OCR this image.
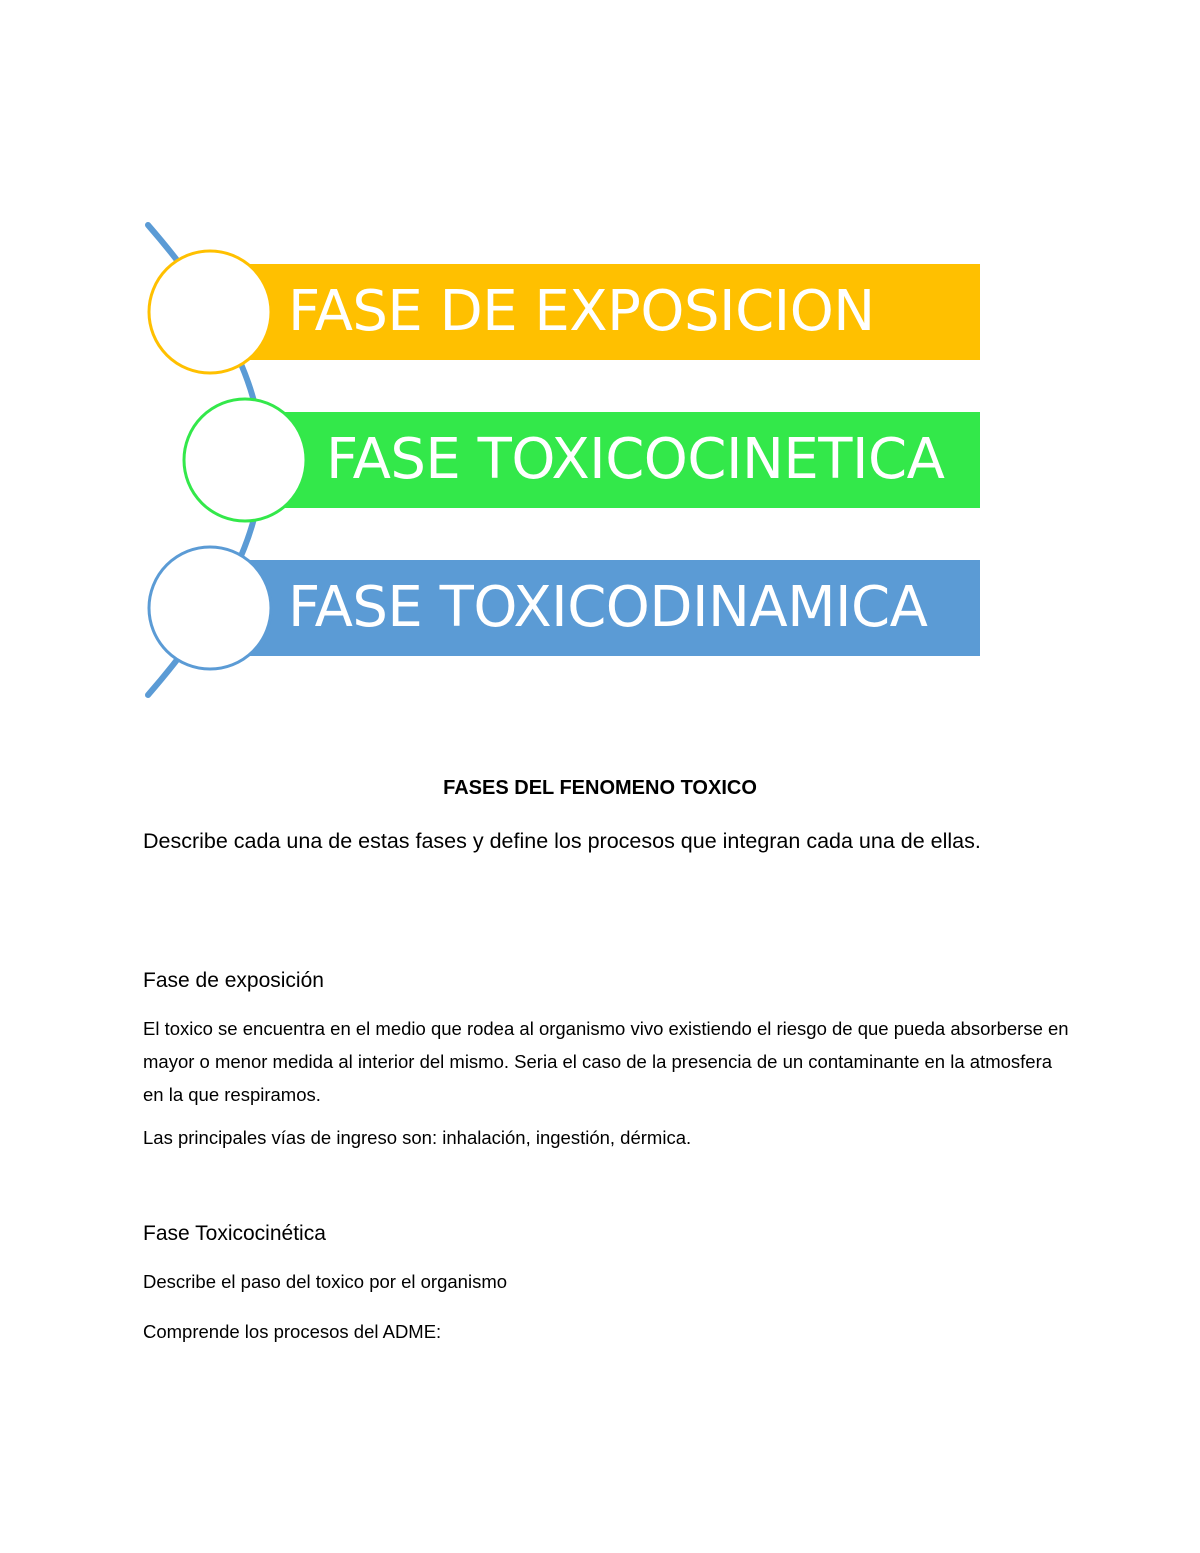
FASE DE EXPOSICION
FASE TOXICOCINETICA
FASE TOXICODINAMICA
FASES DEL FENOMENO TOXICO

Describe cada una de estas fases y define los procesos que integran cada una de ellas.

Fase de exposición

El toxico se encuentra en el medio que rodea al organismo vivo existiendo el riesgo de que pueda absorberse en mayor o menor medida al interior del mismo. Seria el caso de la presencia de un contaminante en la atmosfera en la que respiramos.

Las principales vías de ingreso son: inhalación, ingestión, dérmica.

Fase Toxicocinética

Describe el paso del toxico por el organismo

Comprende los procesos del ADME:
